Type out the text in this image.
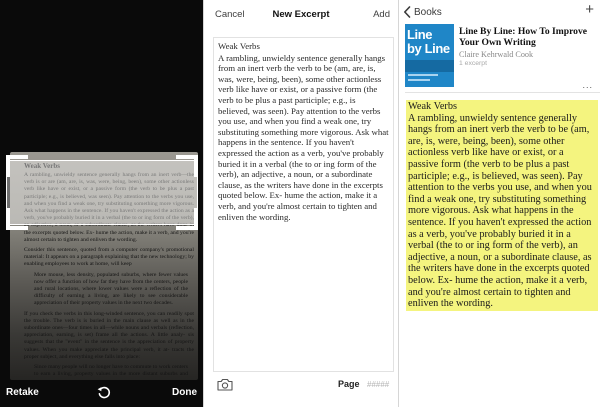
Weak Verbs

A rambling, unwieldy sentence generally hangs from an inert verb—the verb is or are (am, are, is, was, were, being, been), some other actionless verb like have or exist, or a passive form (the verb to be plus a past participle; e.g., is believed, was seen). Pay attention to the verbs you use, and when you find a weak one, try substituting something more vigorous. Ask what happens in the sentence. If you haven't expressed the action as a verb, you've probably buried it in a verbal (the to or ing form of the verb), an adjective, a noun, or a subordinate clause, as the writers have done in the excerpts quoted below. Ex- hume the action, make it a verb, and you're almost certain to tighten and enliven the wording.

Consider this sentence, quoted from a computer company's promotional material: It appears on a paragraph explaining that the new technology; by enabling employees to work at home, will keep

More mouse, less density, populated suburbs, where fewer values now offer a function of how far they have from the centers, people and rural locations, where lower values were a reflection of the difficulty of earning a living, are likely to see considerable appreciation of their property values in the next two decades.

If you check the verbs in this long-winded sentence, you can readily spot the trouble. The verb is is buried in the main clause as well as in the subordinate ones—four times in all—while nouns and verbals (reflection, appreciation, earning, is set) frame all the actions. A little analy- sis suggests that the "event" in the sentence is the appreciation of property values. When you make appreciate the principal verb, it at- tracts the proper subject, and everything else falls into place:

Since many people will no longer have to commute to work centers to earn a living, property values in the more distant suburbs and

Retake	Done
Cancel	New Excerpt	Add
Weak Verbs
A rambling, unwieldy sentence generally hangs from an inert verb the verb to be (am, are, is, was, were, being, been), some other actionless verb like have or exist, or a passive form (the verb to be plus a past participle; e.g., is believed, was seen). Pay attention to the verbs you use, and when you find a weak one, try substituting something more vigorous. Ask what happens in the sentence. If you haven't expressed the action as a verb, you've probably buried it in a verbal (the to or ing form of the verb), an adjective, a noun, or a subordinate clause, as the writers have done in the excerpts quoted below. Ex- hume the action, make it a verb, and you're almost certain to tighten and enliven the wording.
Page
#####
Books	+
Line
by Line
Line By Line: How To Improve Your Own Writing
Claire Kehrwald Cook
1 excerpt
...
Weak Verbs
A rambling, unwieldy sentence generally hangs from an inert verb the verb to be (am, are, is, were, being, been), some other actionless verb like have or exist, or a passive form (the verb to be plus a past participle; e.g., is believed, was seen). Pay attention to the verbs you use, and when you find a weak one, try substituting something more vigorous. Ask what happens in the sentence. If you haven't expressed the action as a verb, you've probably buried it in a verbal (the to or ing form of the verb), an adjective, a noun, or a subordinate clause, as the writers have done in the excerpts quoted below. Ex- hume the action, make it a verb, and you're almost certain to tighten and enliven the wording.
